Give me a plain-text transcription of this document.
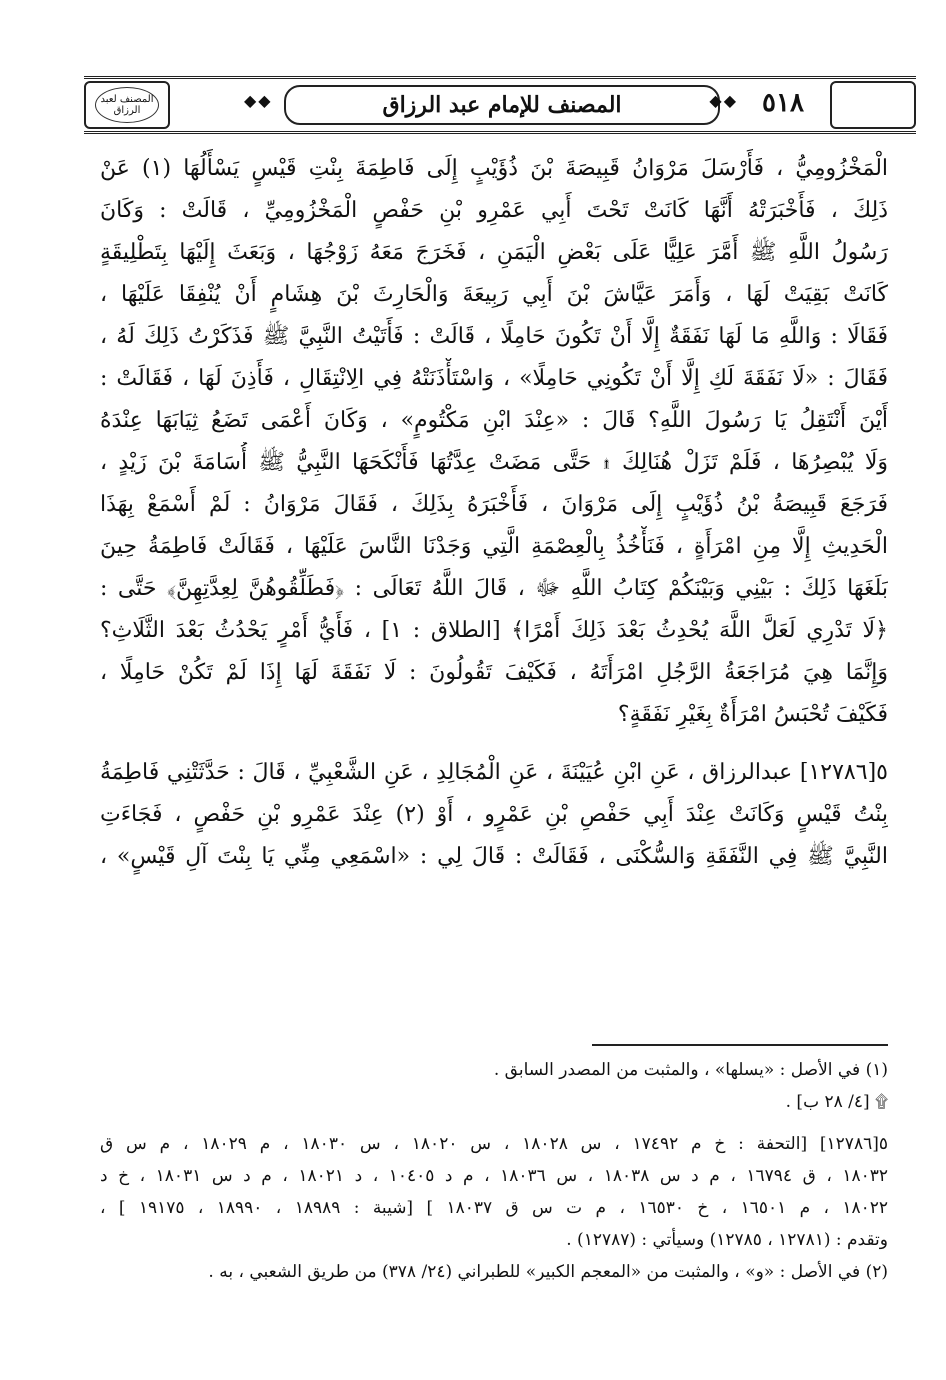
المصنف لعبد الرزاق
◆◆	المصنف للإمام عبد الرزاق	◆◆ ٥١٨
الْمَخْزُومِيُّ ، فَأَرْسَلَ مَرْوَانُ قَبِيصَةَ بْنَ ذُؤَيْبٍ إِلَى فَاطِمَةَ بِنْتِ قَيْسٍ يَسْأَلُهَا (١) عَنْ
ذَلِكَ ، فَأَخْبَرَتْهُ أَنَّهَا كَانَتْ تَحْتَ أَبِي عَمْرِو بْنِ حَفْصٍ الْمَخْزُومِيِّ ، قَالَتْ : وَكَانَ
رَسُولُ اللَّهِ ﷺ أَمَّرَ عَلِيًّا عَلَى بَعْضِ الْيَمَنِ ، فَخَرَجَ مَعَهُ زَوْجُهَا ، وَبَعَثَ إِلَيْهَا بِتَطْلِيقَةٍ
كَانَتْ بَقِيَتْ لَهَا ، وَأَمَرَ عَيَّاشَ بْنَ أَبِي رَبِيعَةَ وَالْحَارِثَ بْنَ هِشَامٍ أَنْ يُنْفِقَا عَلَيْهَا ،
فَقَالَا : وَاللَّهِ مَا لَهَا نَفَقَةٌ إِلَّا أَنْ تَكُونَ حَامِلًا ، قَالَتْ : فَأَتَيْتُ النَّبِيَّ ﷺ فَذَكَرْتُ ذَلِكَ لَهُ ،
فَقَالَ : «لَا نَفَقَةَ لَكِ إِلَّا أَنْ تَكُونِي حَامِلًا» ، وَاسْتَأْذَنَتْهُ فِي الِانْتِقَالِ ، فَأَذِنَ لَهَا ، فَقَالَتْ :
أَيْنَ أَنْتَقِلُ يَا رَسُولَ اللَّهِ؟ قَالَ : «عِنْدَ ابْنِ مَكْتُومٍ» ، وَكَانَ أَعْمَى تَضَعُ ثِيَابَهَا عِنْدَهُ
وَلَا يُبْصِرُهَا ، فَلَمْ تَزَلْ هُنَالِكَ ۩ حَتَّى مَضَتْ عِدَّتُهَا فَأَنْكَحَهَا النَّبِيُّ ﷺ أُسَامَةَ بْنَ زَيْدٍ ،
فَرَجَعَ قَبِيصَةُ بْنُ ذُؤَيْبٍ إِلَى مَرْوَانَ ، فَأَخْبَرَهُ بِذَلِكَ ، فَقَالَ مَرْوَانُ : لَمْ أَسْمَعْ بِهَذَا
الْحَدِيثِ إِلَّا مِنِ امْرَأَةٍ ، فَنَأْخُذُ بِالْعِصْمَةِ الَّتِي وَجَدْنَا النَّاسَ عَلَيْهَا ، فَقَالَتْ فَاطِمَةُ حِينَ
بَلَغَهَا ذَلِكَ : بَيْنِي وَبَيْنَكُمْ كِتَابُ اللَّهِ ﷻ ، قَالَ اللَّهُ تَعَالَى : ﴿فَطَلِّقُوهُنَّ لِعِدَّتِهِنَّ﴾ حَتَّى :
﴿لَا تَدْرِي لَعَلَّ اللَّهَ يُحْدِثُ بَعْدَ ذَلِكَ أَمْرًا﴾ [الطلاق : ١] ، فَأَيُّ أَمْرٍ يَحْدُثُ بَعْدَ الثَّلَاثِ؟
وَإِنَّمَا هِيَ مُرَاجَعَةُ الرَّجُلِ امْرَأَتَهُ ، فَكَيْفَ تَقُولُونَ : لَا نَفَقَةَ لَهَا إِذَا لَمْ تَكُنْ حَامِلًا ،
فَكَيْفَ تُحْبَسُ امْرَأَةٌ بِغَيْرِ نَفَقَةٍ؟
٥[١٢٧٨٦] عبدالرزاق ، عَنِ ابْنِ عُيَيْنَةَ ، عَنِ الْمُجَالِدِ ، عَنِ الشَّعْبِيِّ ، قَالَ : حَدَّثَتْنِي فَاطِمَةُ
بِنْتُ قَيْسٍ وَكَانَتْ عِنْدَ أَبِي حَفْصِ بْنِ عَمْرٍو ، أَوْ (٢) عِنْدَ عَمْرِو بْنِ حَفْصٍ ، فَجَاءَتِ
النَّبِيَّ ﷺ فِي النَّفَقَةِ وَالسُّكْنَى ، فَقَالَتْ : قَالَ لِي : «اسْمَعِي مِنِّي يَا بِنْتَ آلِ قَيْسٍ» ،
(١) في الأصل : «يسلها» ، والمثبت من المصدر السابق .
۩ [٤/ ٢٨ ب] .
٥[١٢٧٨٦] [التحفة : خ م ١٧٤٩٢ ، س ١٨٠٢٨ ، س ١٨٠٢٠ ، س ١٨٠٣٠ ، م ١٨٠٢٩ ، م س ق
١٨٠٣٢ ، ق ١٦٧٩٤ ، م د س ١٨٠٣٨ ، س ١٨٠٣٦ ، م د ١٠٤٠٥ ، د ١٨٠٢١ ، م د س ١٨٠٣١ ، خ د
١٨٠٢٢ ، م ١٦٥٠١ ، خ ١٦٥٣٠ ، م ت س ق ١٨٠٣٧ ] [شيبة : ١٨٩٨٩ ، ١٨٩٩٠ ، ١٩١٧٥ ] ،
وتقدم : (١٢٧٨١ ، ١٢٧٨٥) وسيأتي : (١٢٧٨٧) .
(٢) في الأصل : «و» ، والمثبت من «المعجم الكبير» للطبراني (٢٤/ ٣٧٨) من طريق الشعبي ، به .
